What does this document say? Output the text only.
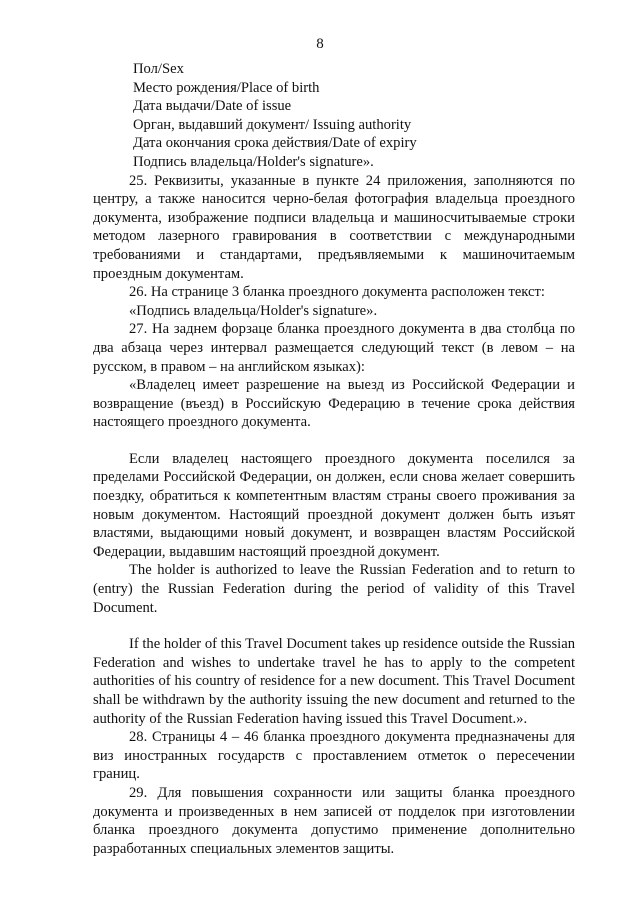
8
Пол/Sex
Место рождения/Place of birth
Дата выдачи/Date of issue
Орган, выдавший документ/ Issuing authority
Дата окончания срока действия/Date of expiry
Подпись владельца/Holder's signature».

25. Реквизиты, указанные в пункте 24 приложения, заполняются по центру, а также наносится черно-белая фотография владельца проездного документа, изображение подписи владельца и машиносчитываемые строки методом лазерного гравирования в соответствии с международными требованиями и стандартами, предъявляемыми к машиночитаемым проездным документам.

26. На странице 3 бланка проездного документа расположен текст:

«Подпись владельца/Holder's signature».

27. На заднем форзаце бланка проездного документа в два столбца по два абзаца через интервал размещается следующий текст (в левом – на русском, в правом – на английском языках):

«Владелец имеет разрешение на выезд из Российской Федерации и возвращение (въезд) в Российскую Федерацию в течение срока действия настоящего проездного документа.

Если владелец настоящего проездного документа поселился за пределами Российской Федерации, он должен, если снова желает совершить поездку, обратиться к компетентным властям страны своего проживания за новым документом. Настоящий проездной документ должен быть изъят властями, выдающими новый документ, и возвращен властям Российской Федерации, выдавшим настоящий проездной документ.

The holder is authorized to leave the Russian Federation and to return to (entry) the Russian Federation during the period of validity of this Travel Document.

If the holder of this Travel Document takes up residence outside the Russian Federation and wishes to undertake travel he has to apply to the competent authorities of his country of residence for a new document. This Travel Document shall be withdrawn by the authority issuing the new document and returned to the authority of the Russian Federation having issued this Travel Document.».

28. Страницы 4 – 46 бланка проездного документа предназначены для виз иностранных государств с проставлением отметок о пересечении границ.

29. Для повышения сохранности или защиты бланка проездного документа и произведенных в нем записей от подделок при изготовлении бланка проездного документа допустимо применение дополнительно разработанных специальных элементов защиты.
